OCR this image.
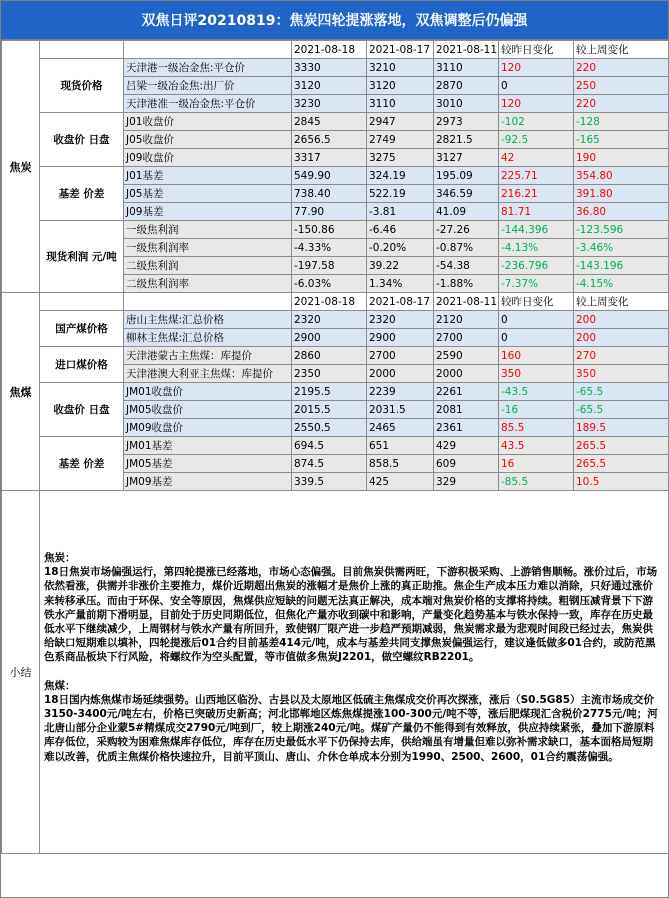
双焦日评20210819：焦炭四轮提涨落地，双焦调整后仍偏强
焦炭			2021-08-18	2021-08-17	2021-08-11	较昨日变化	较上周变化
	现货价格	天津港一级冶金焦:平仓价	3330	3210	3110	120	220
		吕梁一级冶金焦:出厂价	3120	3120	2870	0	250
		天津港准一级冶金焦:平仓价	3230	3110	3010	120	220
	收盘价 日盘	J01收盘价	2845	2947	2973	-102	-128
		J05收盘价	2656.5	2749	2821.5	-92.5	-165
		J09收盘价	3317	3275	3127	42	190
	基差 价差	J01基差	549.90	324.19	195.09	225.71	354.80
		J05基差	738.40	522.19	346.59	216.21	391.80
		J09基差	77.90	-3.81	41.09	81.71	36.80
	现货利润 元/吨	一级焦利润	-150.86	-6.46	-27.26	-144.396	-123.596
		一级焦利润率	-4.33%	-0.20%	-0.87%	-4.13%	-3.46%
		二级焦利润	-197.58	39.22	-54.38	-236.796	-143.196
		二级焦利润率	-6.03%	1.34%	-1.88%	-7.37%	-4.15%
焦煤			2021-08-18	2021-08-17	2021-08-11	较昨日变化	较上周变化
	国产煤价格	唐山主焦煤:汇总价格	2320	2320	2120	0	200
		柳林主焦煤:汇总价格	2900	2900	2700	0	200
	进口煤价格	天津港蒙古主焦煤：库提价	2860	2700	2590	160	270
		天津港澳大利亚主焦煤：库提价	2350	2000	2000	350	350
	收盘价 日盘	JM01收盘价	2195.5	2239	2261	-43.5	-65.5
		JM05收盘价	2015.5	2031.5	2081	-16	-65.5
		JM09收盘价	2550.5	2465	2361	85.5	189.5
	基差 价差	JM01基差	694.5	651	429	43.5	265.5
		JM05基差	874.5	858.5	609	16	265.5
		JM09基差	339.5	425	329	-85.5	10.5
小结	焦炭：

18日焦炭市场偏强运行，第四轮提涨已经落地，市场心态偏强。目前焦炭供需两旺，下游积极采购、上游销售顺畅。涨价过后，市场依然看涨，供需并非涨价主要推力，煤价近期超出焦炭的涨幅才是焦价上涨的真正助推。焦企生产成本压力难以消除，只好通过涨价来转移承压。而由于环保、安全等原因，焦煤供应短缺的问题无法真正解决，成本端对焦炭价格的支撑将持续。粗钢压减背景下下游铁水产量前期下滑明显，目前处于历史同期低位，但焦化产量亦收到碳中和影响，产量变化趋势基本与铁水保持一致，库存在历史最低水平下继续减少，上周钢材与铁水产量有所回升，致使钢厂限产进一步趋严预期减弱，焦炭需求最为悲观时间段已经过去，焦炭供给缺口短期难以填补，四轮提涨后01合约目前基差414元/吨，成本与基差共同支撑焦炭偏强运行，建议逢低做多01合约，或防范黑色系商品板块下行风险，将螺纹作为空头配置，等市值做多焦炭J2201，做空螺纹RB2201。

焦煤：

18日国内炼焦煤市场延续强势。山西地区临汾、古县以及太原地区低硫主焦煤成交价再次探涨，涨后（S0.5G85）主流市场成交价3150-3400元/吨左右，价格已突破历史新高；河北邯郸地区炼焦煤提涨100-300元/吨不等，涨后肥煤现汇含税价2775元/吨；河北唐山部分企业蒙5#精煤成交2790元/吨到厂，较上期涨240元/吨。煤矿产量仍不能得到有效释放，供应持续紧张，叠加下游原料库存低位，采购较为困难焦煤库存低位，库存在历史最低水平下仍保持去库，供给端虽有增量但难以弥补需求缺口，基本面格局短期难以改善，优质主焦煤价格快速拉升，目前平顶山、唐山、介休仓单成本分别为1990、2500、2600，01合约震荡偏强。						
